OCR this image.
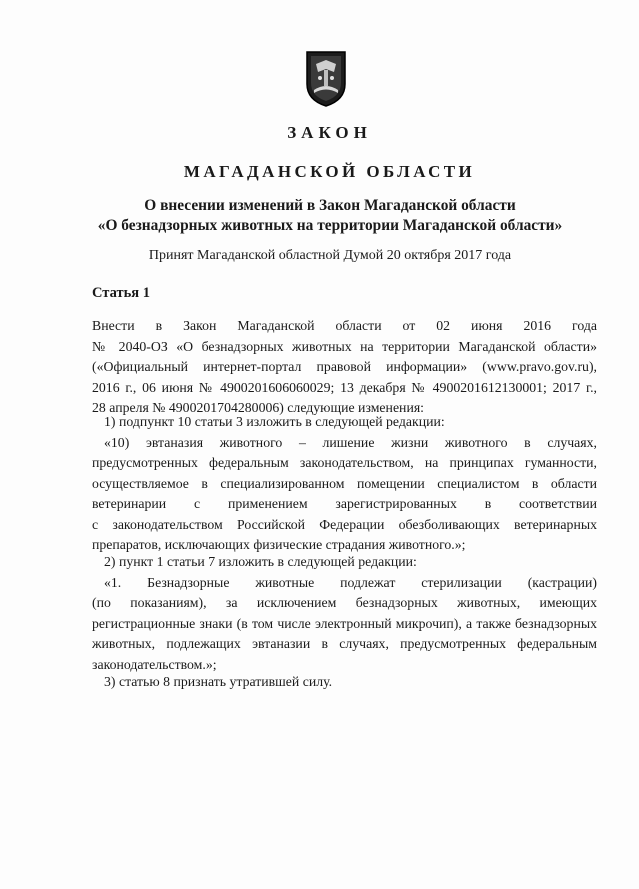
ЗАКОН
МАГАДАНСКОЙ ОБЛАСТИ
О внесении изменений в Закон Магаданской области
«О безнадзорных животных на территории Магаданской области»
Принят Магаданской областной Думой 20 октября 2017 года
Статья 1
Внести в Закон Магаданской области от 02 июня 2016 года
№ 2040-ОЗ «О безнадзорных животных на территории Магаданской области»
(«Официальный интернет-портал правовой информации» (www.pravo.gov.ru),
2016 г., 06 июня № 4900201606060029; 13 декабря № 4900201612130001; 2017 г.,
28 апреля № 4900201704280006) следующие изменения:
1) подпункт 10 статьи 3 изложить в следующей редакции:
«10) эвтаназия животного – лишение жизни животного в случаях,
предусмотренных федеральным законодательством, на принципах гуманности,
осуществляемое в специализированном помещении специалистом в области
ветеринарии с применением зарегистрированных в соответствии
с законодательством Российской Федерации обезболивающих ветеринарных
препаратов, исключающих физические страдания животного.»;
2) пункт 1 статьи 7 изложить в следующей редакции:
«1. Безнадзорные животные подлежат стерилизации (кастрации)
(по показаниям), за исключением безнадзорных животных, имеющих
регистрационные знаки (в том числе электронный микрочип), а также безнадзорных
животных, подлежащих эвтаназии в случаях, предусмотренных федеральным
законодательством.»;
3) статью 8 признать утратившей силу.
